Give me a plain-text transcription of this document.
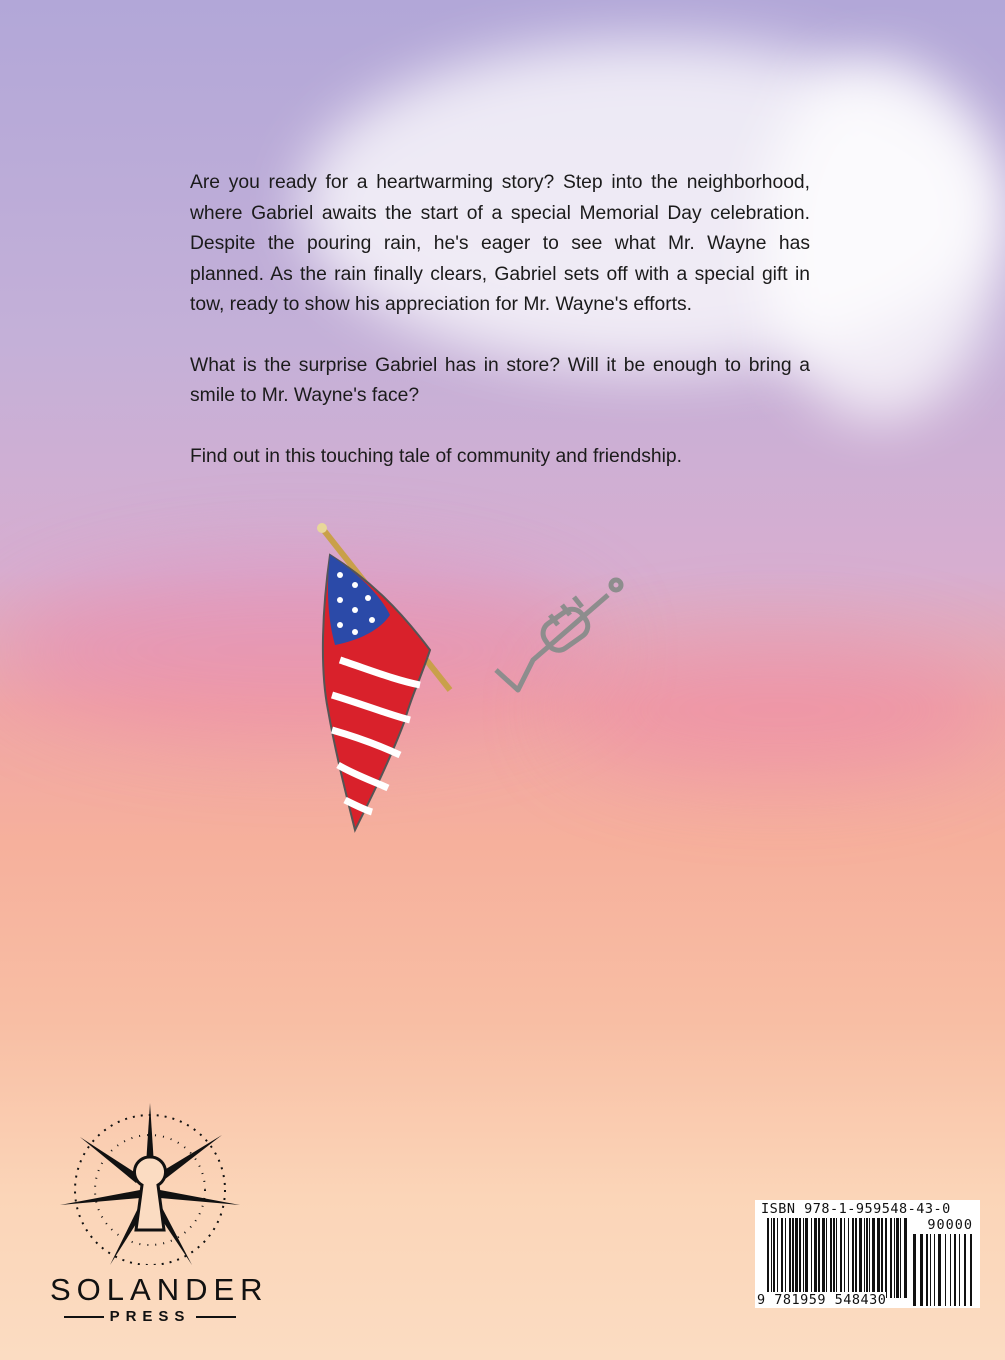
Are you ready for a heartwarming story? Step into the neighborhood, where Gabriel awaits the start of a special Memorial Day celebration. Despite the pouring rain, he's eager to see what Mr. Wayne has planned. As the rain finally clears, Gabriel sets off with a special gift in tow, ready to show his appreciation for Mr. Wayne's efforts.

What is the surprise Gabriel has in store? Will it be enough to bring a smile to Mr. Wayne's face?

Find out in this touching tale of community and friendship.

SOLANDER
PRESS
ISBN 978-1-959548-43-0
90000
9 781959 548430
